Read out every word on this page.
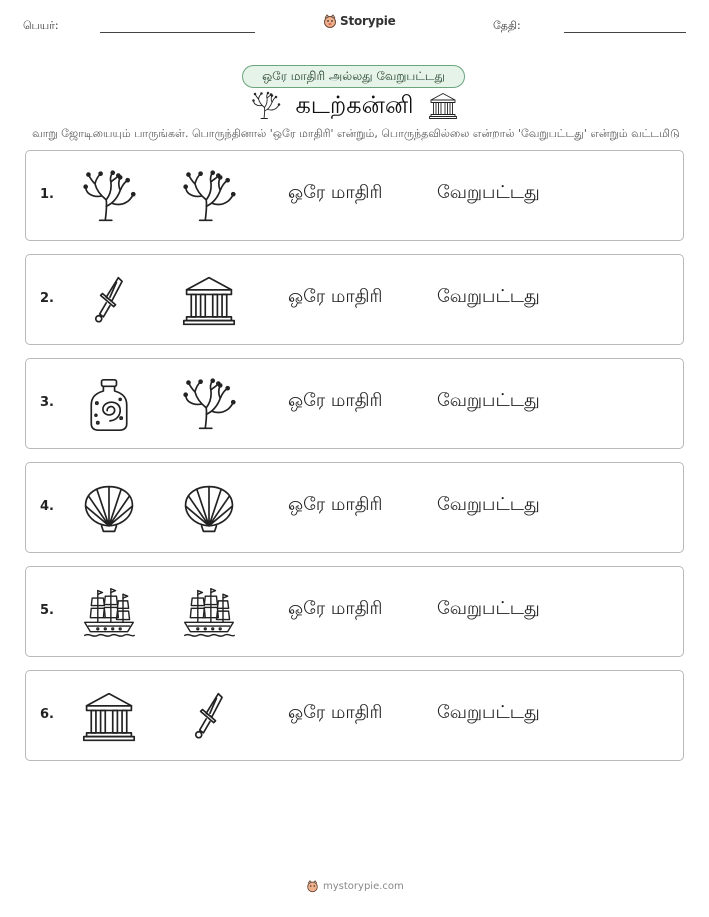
பெயர்:	Storypie	தேதி:
ஒரே மாதிரி அல்லது வேறுபட்டது
கடற்கன்னி
வாறு ஜோடியையும் பாருங்கள். பொருந்தினால் 'ஒரே மாதிரி' என்றும், பொருந்தவில்லை என்றால் 'வேறுபட்டது' என்றும் வட்டமிடு
1.	ஒரே மாதிரி	வேறுபட்டது
2.	ஒரே மாதிரி	வேறுபட்டது
3.	ஒரே மாதிரி	வேறுபட்டது
4.	ஒரே மாதிரி	வேறுபட்டது
5.	ஒரே மாதிரி	வேறுபட்டது
6.	ஒரே மாதிரி	வேறுபட்டது
mystorypie.com
